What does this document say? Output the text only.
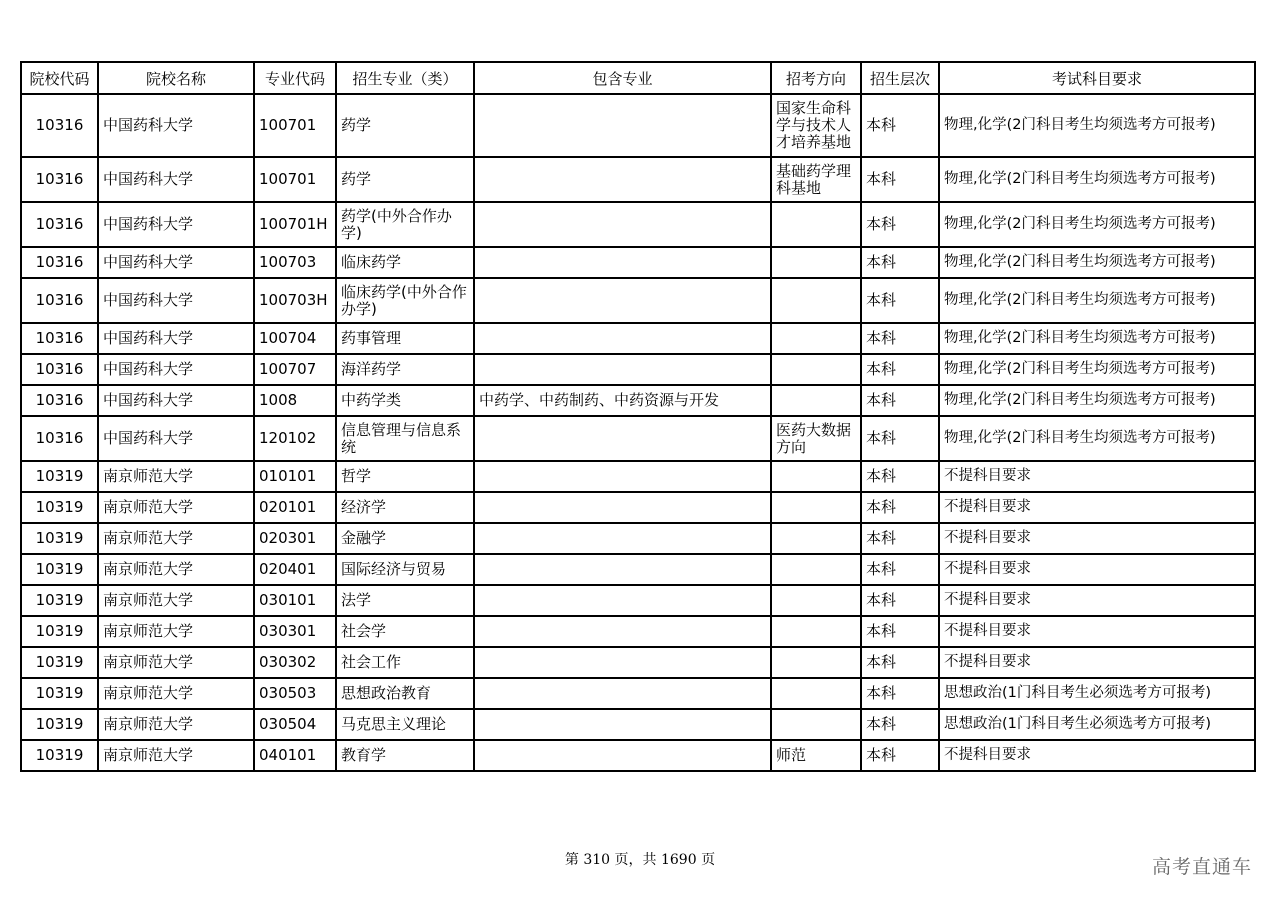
院校代码	院校名称	专业代码	招生专业（类）	包含专业	招考方向	招生层次	考试科目要求
10316	中国药科大学	100701	药学		国家生命科学与技术人才培养基地	本科	物理,化学(2门科目考生均须选考方可报考)
10316	中国药科大学	100701	药学		基础药学理科基地	本科	物理,化学(2门科目考生均须选考方可报考)
10316	中国药科大学	100701H	药学(中外合作办学)			本科	物理,化学(2门科目考生均须选考方可报考)
10316	中国药科大学	100703	临床药学			本科	物理,化学(2门科目考生均须选考方可报考)
10316	中国药科大学	100703H	临床药学(中外合作办学)			本科	物理,化学(2门科目考生均须选考方可报考)
10316	中国药科大学	100704	药事管理			本科	物理,化学(2门科目考生均须选考方可报考)
10316	中国药科大学	100707	海洋药学			本科	物理,化学(2门科目考生均须选考方可报考)
10316	中国药科大学	1008	中药学类	中药学、中药制药、中药资源与开发		本科	物理,化学(2门科目考生均须选考方可报考)
10316	中国药科大学	120102	信息管理与信息系统		医药大数据方向	本科	物理,化学(2门科目考生均须选考方可报考)
10319	南京师范大学	010101	哲学			本科	不提科目要求
10319	南京师范大学	020101	经济学			本科	不提科目要求
10319	南京师范大学	020301	金融学			本科	不提科目要求
10319	南京师范大学	020401	国际经济与贸易			本科	不提科目要求
10319	南京师范大学	030101	法学			本科	不提科目要求
10319	南京师范大学	030301	社会学			本科	不提科目要求
10319	南京师范大学	030302	社会工作			本科	不提科目要求
10319	南京师范大学	030503	思想政治教育			本科	思想政治(1门科目考生必须选考方可报考)
10319	南京师范大学	030504	马克思主义理论			本科	思想政治(1门科目考生必须选考方可报考)
10319	南京师范大学	040101	教育学		师范	本科	不提科目要求
第 310 页，共 1690 页	高考直通车
